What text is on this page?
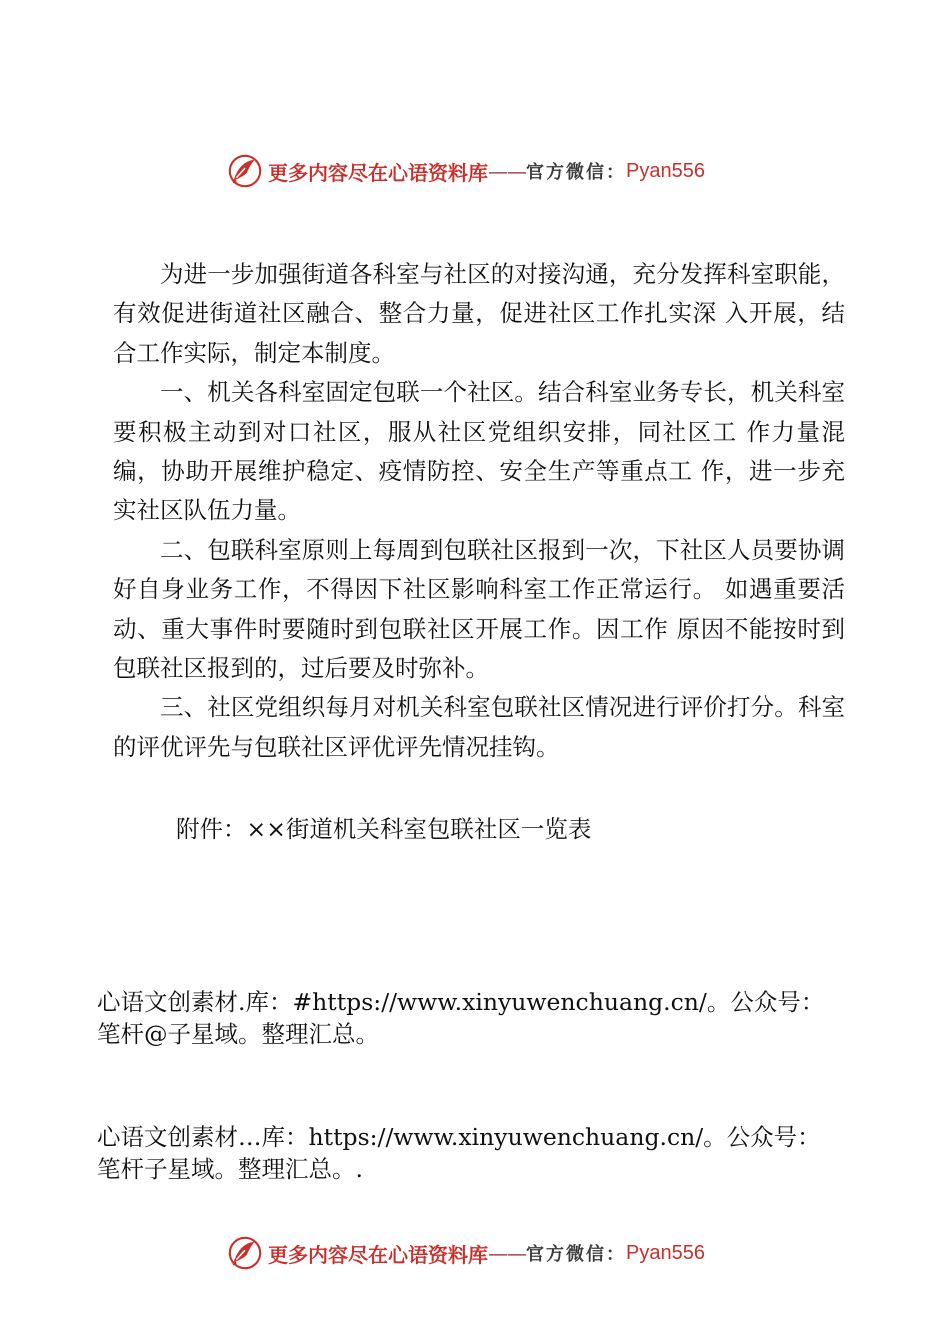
更多内容尽在心语资料库 —— 官方微信： Pyan556

为进一步加强街道各科室与社区的对接沟通，充分发挥科室职能，有效促进街道社区融合、整合力量，促进社区工作扎实深 入开展，结合工作实际，制定本制度。

一、机关各科室固定包联一个社区。结合科室业务专长，机关科室要积极主动到对口社区，服从社区党组织安排，同社区工 作力量混编，协助开展维护稳定、疫情防控、安全生产等重点工 作，进一步充实社区队伍力量。

二、包联科室原则上每周到包联社区报到一次，下社区人员要协调好自身业务工作，不得因下社区影响科室工作正常运行。 如遇重要活动、重大事件时要随时到包联社区开展工作。因工作 原因不能按时到包联社区报到的，过后要及时弥补。

三、社区党组织每月对机关科室包联社区情况进行评价打分。科室的评优评先与包联社区评优评先情况挂钩。

附件：××街道机关科室包联社区一览表
心语文创素材.库：#https://www.xinyuwenchuang.cn/。公众号：笔杆@子星域。整理汇总。
心语文创素材…库：https://www.xinyuwenchuang.cn/。公众号：笔杆子星域。整理汇总。.
更多内容尽在心语资料库 —— 官方微信： Pyan556
